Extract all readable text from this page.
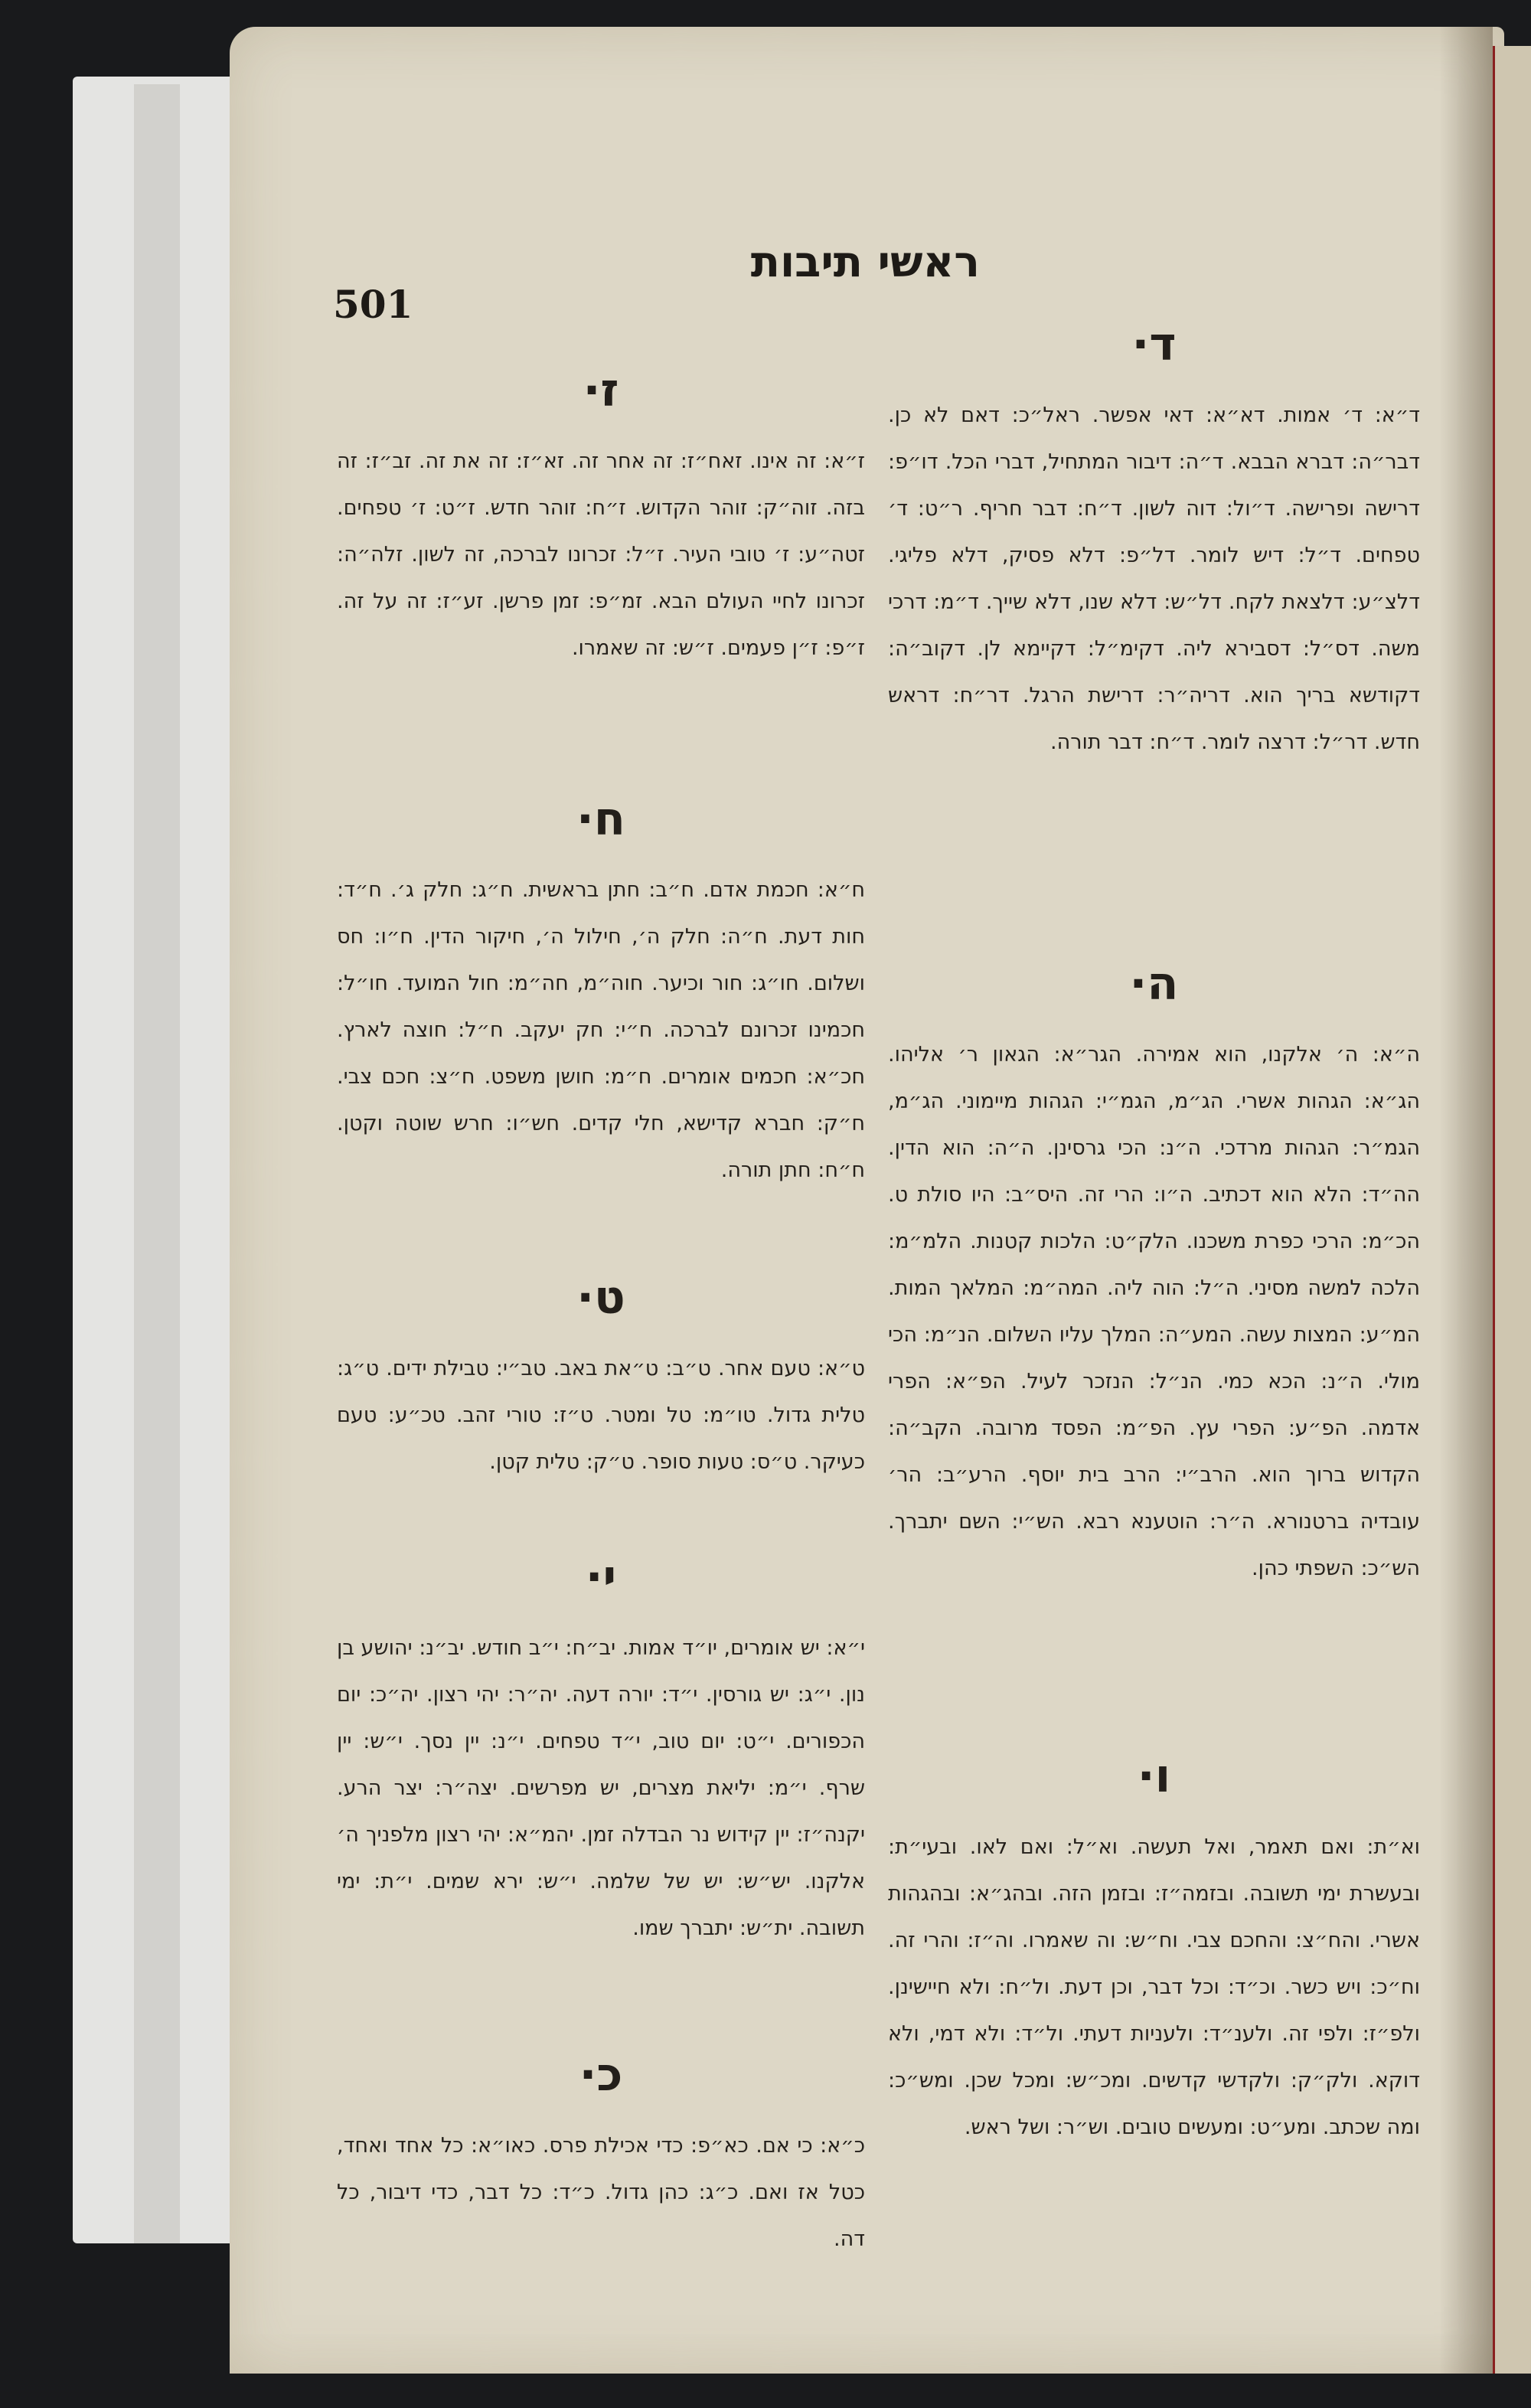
501
ראשי תיבות
ד·
ד״א: ד׳ אמות. דא״א: דאי אפשר. ראל״כ: דאם לא כן. דבר״ה: דברא הבבא. ד״ה: דיבור המתחיל, דברי הכל. דו״פ: דרישה ופרישה. ד״ול: דוה לשון. ד״ח: דבר חריף. ר״ט: ד׳ טפחים. ד״ל: דיש לומר. דל״פ: דלא פסיק, דלא פליגי. דלצ״ע: דלצאת לקח. דל״ש: דלא שנו, דלא שייך. ד״מ: דרכי משה. דס״ל: דסבירא ליה. דקימ״ל: דקיימא לן. דקוב״ה: דקודשא בריך הוא. דריה״ר: דרישת הרגל. דר״ח: דראש חדש. דר״ל: דרצה לומר. ד״ח: דבר תורה.
ה·
ה״א: ה׳ אלקנו, הוא אמירה. הגר״א: הגאון ר׳ אליהו. הג״א: הגהות אשרי. הג״מ, הגמ״י: הגהות מיימוני. הג״מ, הגמ״ר: הגהות מרדכי. ה״נ: הכי גרסינן. ה״ה: הוא הדין. הה״ד: הלא הוא דכתיב. ה״ו: הרי זה. היס״ב: היו סולת ט. הכ״מ: הרכי כפרת משכנו. הלק״ט: הלכות קטנות. הלמ״מ: הלכה למשה מסיני. ה״ל: הוה ליה. המה״מ: המלאך המות. המ״ע: המצות עשה. המע״ה: המלך עליו השלום. הנ״מ: הכי מולי. ה״נ: הכא כמי. הנ״ל: הנזכר לעיל. הפ״א: הפרי אדמה. הפ״ע: הפרי עץ. הפ״מ: הפסד מרובה. הקב״ה: הקדוש ברוך הוא. הרב״י: הרב בית יוסף. הרע״ב: הר׳ עובדיה ברטנורא. ה״ר: הוטענא רבא. הש״י: השם יתברך. הש״כ: השפתי כהן.
ו·
וא״ת: ואם תאמר, ואל תעשה. וא״ל: ואם לאו. ובעי״ת: ובעשרת ימי תשובה. ובזמה״ז: ובזמן הזה. ובהג״א: ובהגהות אשרי. והח״צ: והחכם צבי. וח״ש: וה שאמרו. וה״ז: והרי זה. וח״כ: ויש כשר. וכ״ד: וכל דבר, וכן דעת. ול״ח: ולא חיישינן. ולפ״ז: ולפי זה. ולענ״ד: ולעניות דעתי. ול״ד: ולא דמי, ולא דוקא. ולק״ק: ולקדשי קדשים. ומכ״ש: ומכל שכן. ומש״כ: ומה שכתב. ומע״ט: ומעשים טובים. וש״ר: ושל ראש.
ז·
ז״א: זה אינו. זאח״ז: זה אחר זה. זא״ז: זה את זה. זב״ז: זה בזה. זוה״ק: זוהר הקדוש. ז״ח: זוהר חדש. ז״ט: ז׳ טפחים. זטה״ע: ז׳ טובי העיר. ז״ל: זכרונו לברכה, זה לשון. זלה״ה: זכרונו לחיי העולם הבא. זמ״פ: זמן פרשן. זע״ז: זה על זה. ז״פ: ז״ן פעמים. ז״ש: זה שאמרו.
ח·
ח״א: חכמת אדם. ח״ב: חתן בראשית. ח״ג: חלק ג׳. ח״ד: חות דעת. ח״ה: חלק ה׳, חילול ה׳, חיקור הדין. ח״ו: חס ושלום. חו״ג: חור וכיער. חוה״מ, חה״מ: חול המועד. חו״ל: חכמינו זכרונם לברכה. ח״י: חק יעקב. ח״ל: חוצה לארץ. חכ״א: חכמים אומרים. ח״מ: חושן משפט. ח״צ: חכם צבי. ח״ק: חברא קדישא, חלי קדים. חש״ו: חרש שוטה וקטן. ח״ח: חתן תורה.
ט·
ט״א: טעם אחר. ט״ב: ט״את באב. טב״י: טבילת ידים. ט״ג: טלית גדול. טו״מ: טל ומטר. ט״ז: טורי זהב. טכ״ע: טעם כעיקר. ט״ס: טעות סופר. ט״ק: טלית קטן.
י·
י״א: יש אומרים, יו״ד אמות. יב״ח: י״ב חודש. יב״נ: יהושע בן נון. י״ג: יש גורסין. י״ד: יורה דעה. יה״ר: יהי רצון. יה״כ: יום הכפורים. י״ט: יום טוב, י״ד טפחים. י״נ: יין נסך. י״ש: יין שרף. י״מ: יליאת מצרים, יש מפרשים. יצה״ר: יצר הרע. יקנה״ז: יין קידוש נר הבדלה זמן. יהמ״א: יהי רצון מלפניך ה׳ אלקנו. יש״ש: יש של שלמה. י״ש: ירא שמים. י״ת: ימי תשובה. ית״ש: יתברך שמו.
כ·
כ״א: כי אם. כא״פ: כדי אכילת פרס. כאו״א: כל אחד ואחד, כטל אז ואם. כ״ג: כהן גדול. כ״ד: כל דבר, כדי דיבור, כל דה.
